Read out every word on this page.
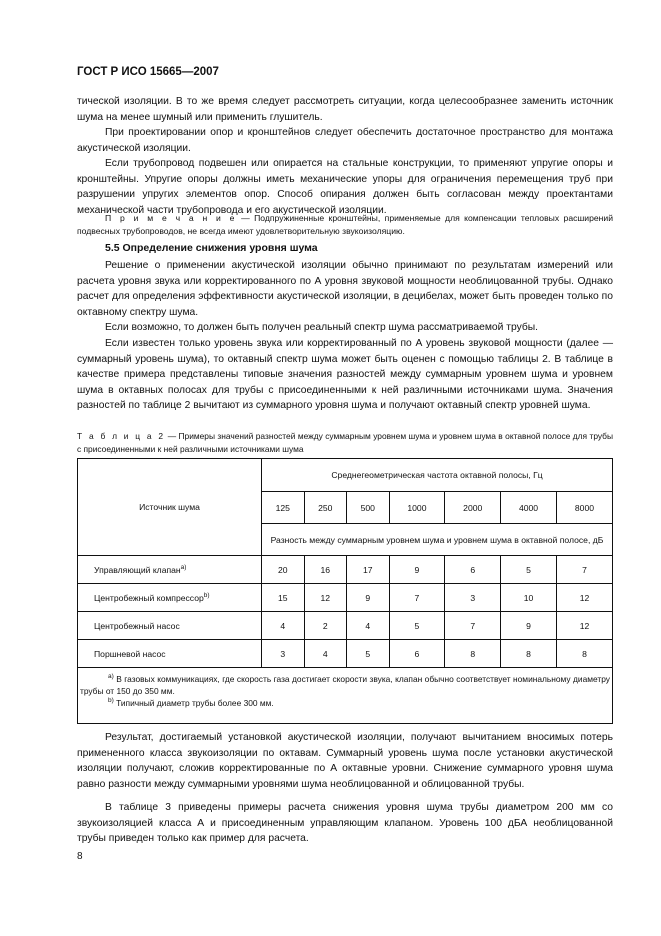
ГОСТ Р ИСО 15665—2007
тической изоляции. В то же время следует рассмотреть ситуации, когда целесообразнее заменить источник шума на менее шумный или применить глушитель.
При проектировании опор и кронштейнов следует обеспечить достаточное пространство для монтажа акустической изоляции.
Если трубопровод подвешен или опирается на стальные конструкции, то применяют упругие опоры и кронштейны. Упругие опоры должны иметь механические упоры для ограничения перемещения труб при разрушении упругих элементов опор. Способ опирания должен быть согласован между проектантами механической части трубопровода и его акустической изоляции.
П р и м е ч а н и е — Подпружиненные кронштейны, применяемые для компенсации тепловых расширений подвесных трубопроводов, не всегда имеют удовлетворительную звукоизоляцию.
5.5 Определение снижения уровня шума
Решение о применении акустической изоляции обычно принимают по результатам измерений или расчета уровня звука или корректированного по А уровня звуковой мощности необлицованной трубы. Однако расчет для определения эффективности акустической изоляции, в децибелах, может быть проведен только по октавному спектру шума.
Если возможно, то должен быть получен реальный спектр шума рассматриваемой трубы.
Если известен только уровень звука или корректированный по А уровень звуковой мощности (далее — суммарный уровень шума), то октавный спектр шума может быть оценен с помощью таблицы 2. В таблице в качестве примера представлены типовые значения разностей между суммарным уровнем шума и уровнем шума в октавных полосах для трубы с присоединенными к ней различными источниками шума. Значения разностей по таблице 2 вычитают из суммарного уровня шума и получают октавный спектр уровней шума.
Т а б л и ц а 2 — Примеры значений разностей между суммарным уровнем шума и уровнем шума в октавной полосе для трубы с присоединенными к ней различными источниками шума
Источник шума	Среднегеометрическая частота октавной полосы, Гц						
	125	250	500	1000	2000	4000	8000
	Разность между суммарным уровнем шума и уровнем шума в октавной полосе, дБ						
Управляющий клапан$^{а)}$	20	16	17	9	6	5	7
Центробежный компрессор$^{b)}$	15	12	9	7	3	10	12
Центробежный насос	4	2	4	5	7	9	12
Поршневой насос	3	4	5	6	8	8	8

$^{а)}$ В газовых коммуникациях, где скорость газа достигает скорости звука, клапан обычно соответствует номинальному диаметру трубы от 150 до 350 мм.
$^{b)}$ Типичный диаметр трубы более 300 мм.
Результат, достигаемый установкой акустической изоляции, получают вычитанием вносимых потерь примененного класса звукоизоляции по октавам. Суммарный уровень шума после установки акустической изоляции получают, сложив корректированные по А октавные уровни. Снижение суммарного уровня шума равно разности между суммарными уровнями шума необлицованной и облицованной трубы.
В таблице 3 приведены примеры расчета снижения уровня шума трубы диаметром 200 мм со звукоизоляцией класса А и присоединенным управляющим клапаном. Уровень 100 дБА необлицованной трубы приведен только как пример для расчета.
8
